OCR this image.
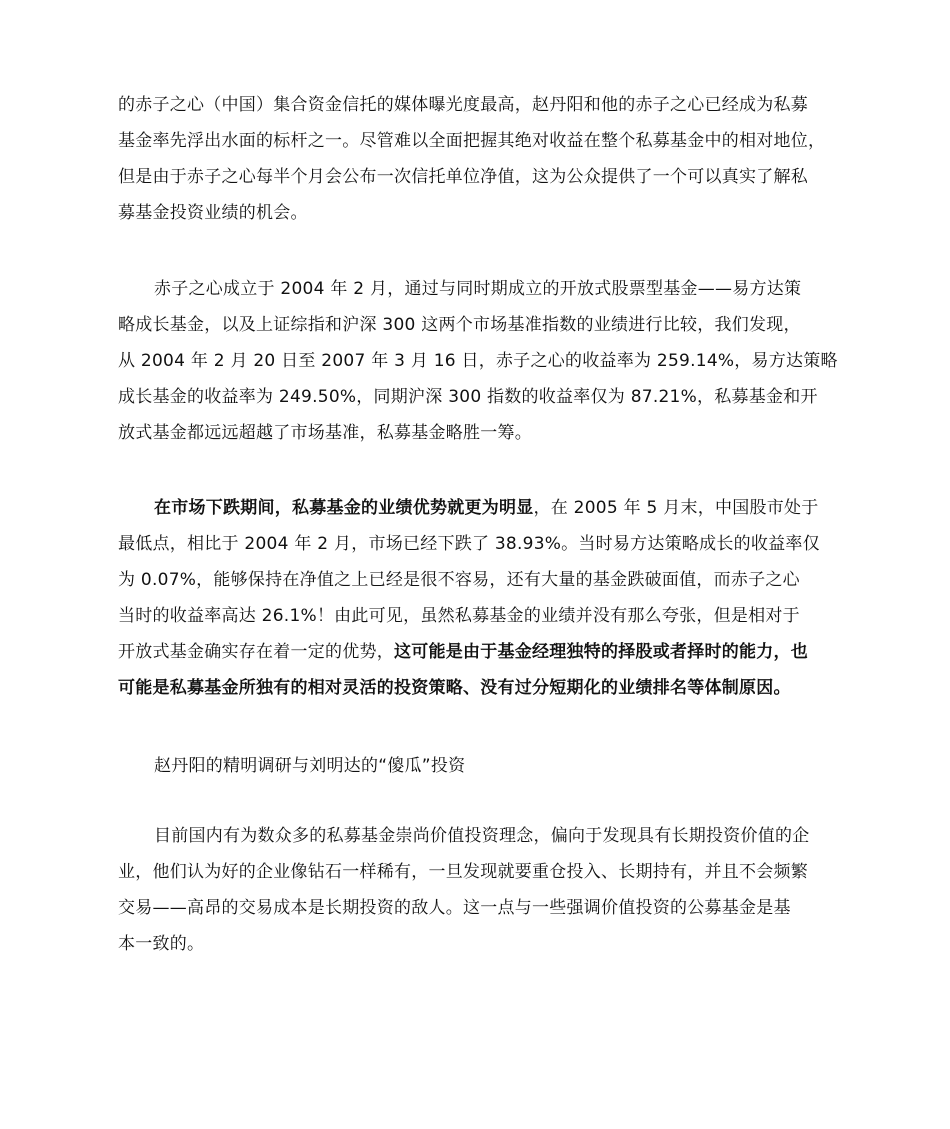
的赤子之心（中国）集合资金信托的媒体曝光度最高，赵丹阳和他的赤子之心已经成为私募
基金率先浮出水面的标杆之一。尽管难以全面把握其绝对收益在整个私募基金中的相对地位，
但是由于赤子之心每半个月会公布一次信托单位净值，这为公众提供了一个可以真实了解私
募基金投资业绩的机会。
赤子之心成立于 2004 年 2 月，通过与同时期成立的开放式股票型基金——易方达策
略成长基金，以及上证综指和沪深 300 这两个市场基准指数的业绩进行比较，我们发现，
从 2004 年 2 月 20 日至 2007 年 3 月 16 日，赤子之心的收益率为 259.14%，易方达策略
成长基金的收益率为 249.50%，同期沪深 300 指数的收益率仅为 87.21%，私募基金和开
放式基金都远远超越了市场基准，私募基金略胜一筹。
在市场下跌期间，私募基金的业绩优势就更为明显，在 2005 年 5 月末，中国股市处于
最低点，相比于 2004 年 2 月，市场已经下跌了 38.93%。当时易方达策略成长的收益率仅
为 0.07%，能够保持在净值之上已经是很不容易，还有大量的基金跌破面值，而赤子之心
当时的收益率高达 26.1%！由此可见，虽然私募基金的业绩并没有那么夸张，但是相对于
开放式基金确实存在着一定的优势，这可能是由于基金经理独特的择股或者择时的能力，也
可能是私募基金所独有的相对灵活的投资策略、没有过分短期化的业绩排名等体制原因。
赵丹阳的精明调研与刘明达的“傻瓜”投资
目前国内有为数众多的私募基金崇尚价值投资理念，偏向于发现具有长期投资价值的企
业，他们认为好的企业像钻石一样稀有，一旦发现就要重仓投入、长期持有，并且不会频繁
交易——高昂的交易成本是长期投资的敌人。这一点与一些强调价值投资的公募基金是基
本一致的。
